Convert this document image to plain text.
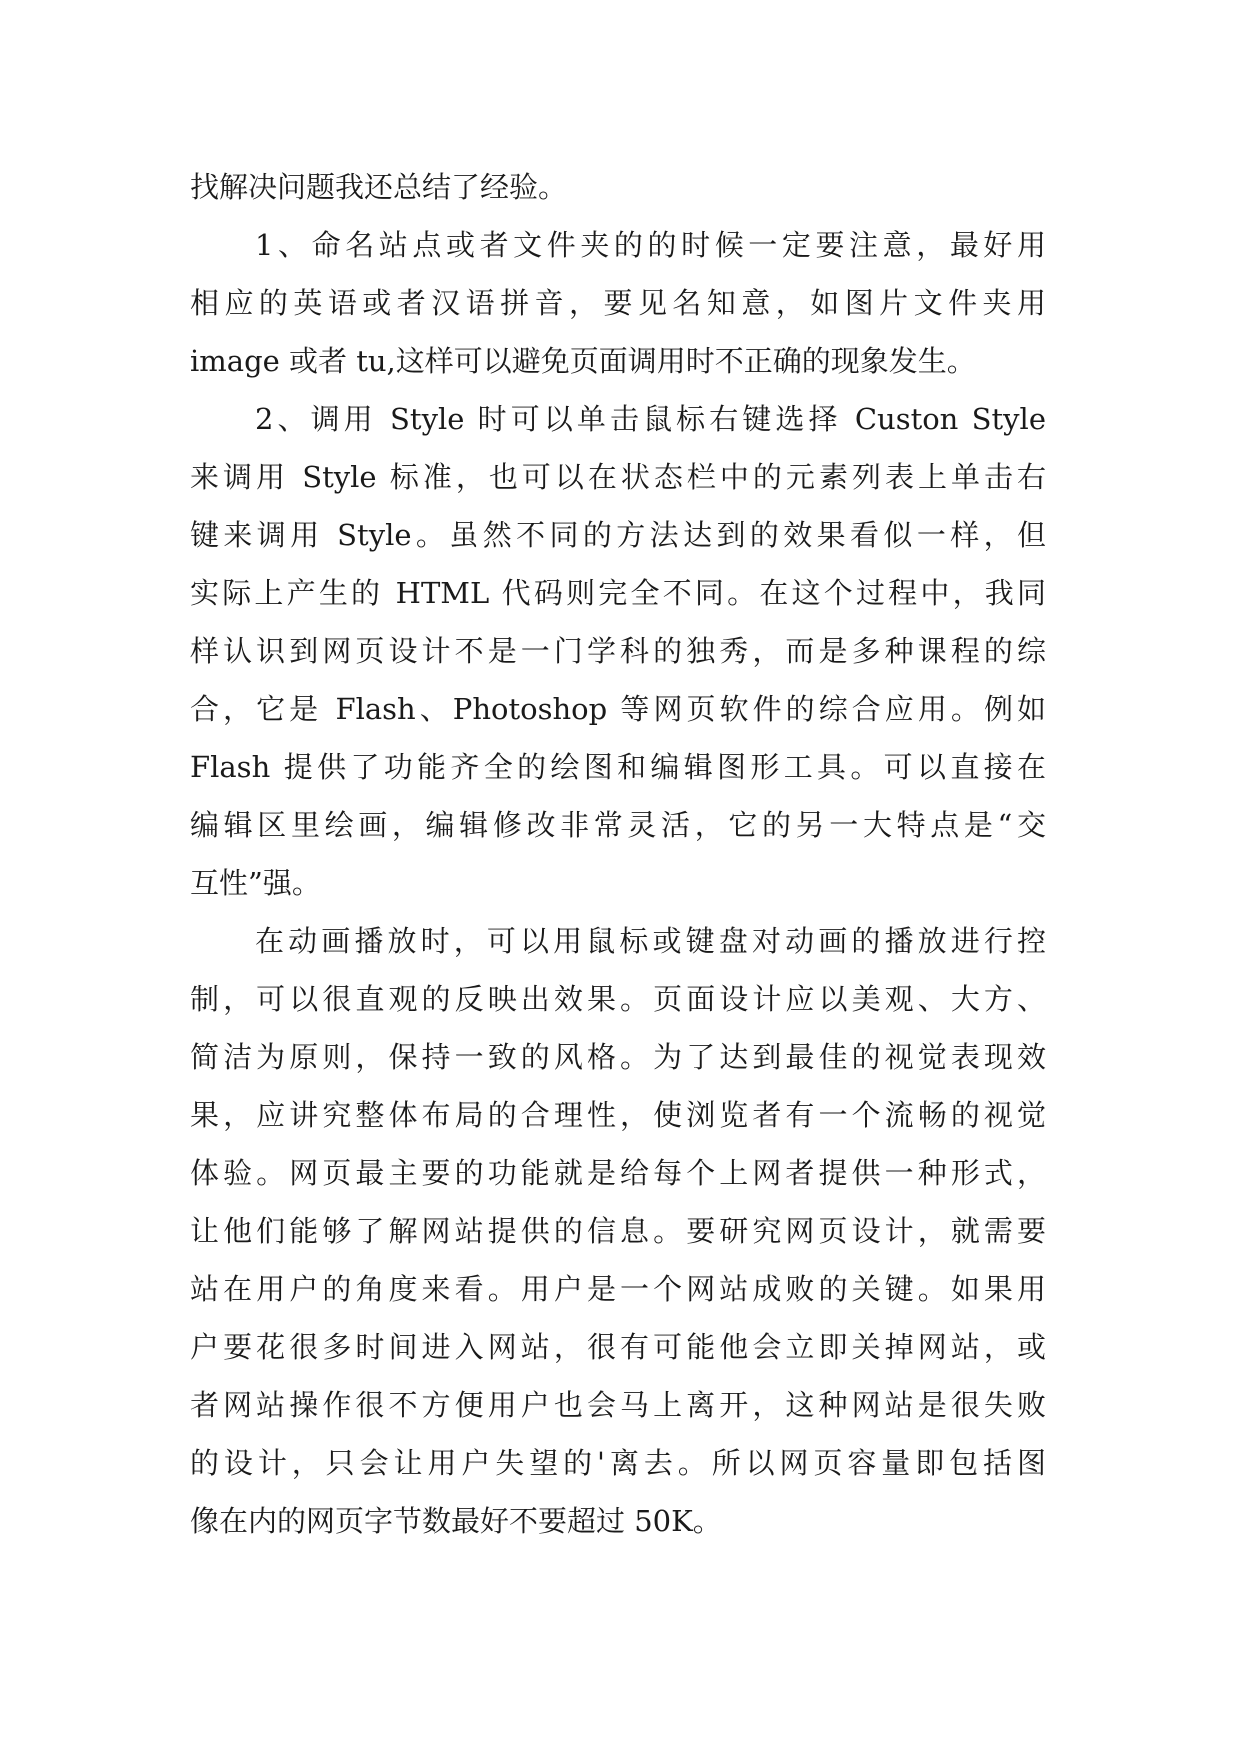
找解决问题我还总结了经验。
1、命名站点或者文件夹的的时候一定要注意，最好用
相应的英语或者汉语拼音，要见名知意，如图片文件夹用
image 或者 tu,这样可以避免页面调用时不正确的现象发生。
2、调用 Style 时可以单击鼠标右键选择 Custon Style
来调用 Style 标准，也可以在状态栏中的元素列表上单击右
键来调用 Style。虽然不同的方法达到的效果看似一样，但
实际上产生的 HTML 代码则完全不同。在这个过程中，我同
样认识到网页设计不是一门学科的独秀，而是多种课程的综
合，它是 Flash、Photoshop 等网页软件的综合应用。例如
Flash 提供了功能齐全的绘图和编辑图形工具。可以直接在
编辑区里绘画，编辑修改非常灵活，它的另一大特点是“交
互性”强。
在动画播放时，可以用鼠标或键盘对动画的播放进行控
制，可以很直观的反映出效果。页面设计应以美观、大方、
简洁为原则，保持一致的风格。为了达到最佳的视觉表现效
果，应讲究整体布局的合理性，使浏览者有一个流畅的视觉
体验。网页最主要的功能就是给每个上网者提供一种形式，
让他们能够了解网站提供的信息。要研究网页设计，就需要
站在用户的角度来看。用户是一个网站成败的关键。如果用
户要花很多时间进入网站，很有可能他会立即关掉网站，或
者网站操作很不方便用户也会马上离开，这种网站是很失败
的设计，只会让用户失望的'离去。所以网页容量即包括图
像在内的网页字节数最好不要超过 50K。
